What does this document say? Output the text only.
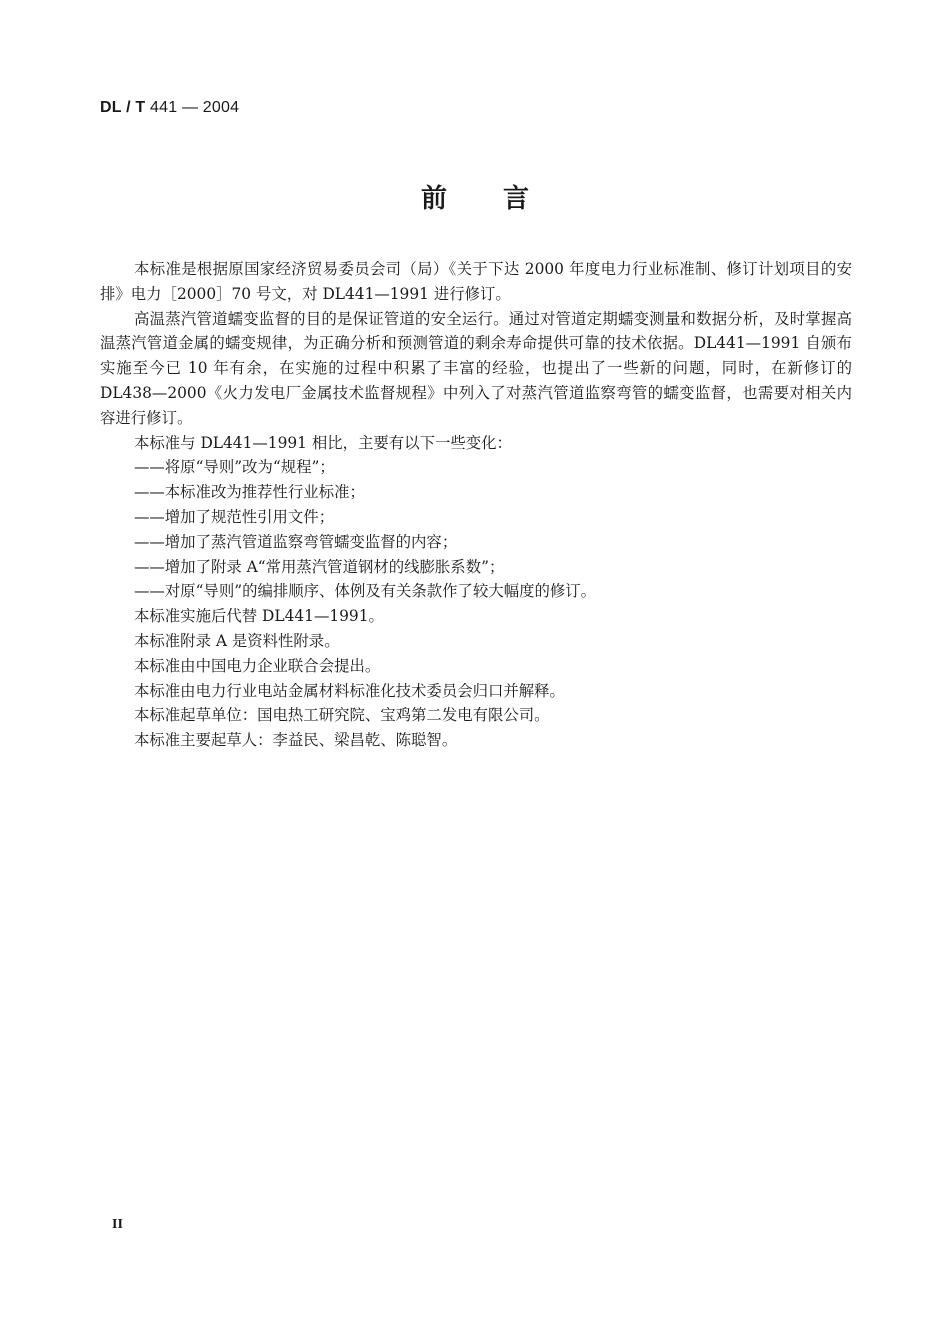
DL / T 441 — 2004
前言

本标准是根据原国家经济贸易委员会司（局）《关于下达 2000 年度电力行业标准制、修订计划项目的安排》电力［2000］70 号文，对 DL441—1991 进行修订。

高温蒸汽管道蠕变监督的目的是保证管道的安全运行。通过对管道定期蠕变测量和数据分析，及时掌握高温蒸汽管道金属的蠕变规律，为正确分析和预测管道的剩余寿命提供可靠的技术依据。DL441—1991 自颁布实施至今已 10 年有余，在实施的过程中积累了丰富的经验，也提出了一些新的问题，同时，在新修订的 DL438—2000《火力发电厂金属技术监督规程》中列入了对蒸汽管道监察弯管的蠕变监督，也需要对相关内容进行修订。

本标准与 DL441—1991 相比，主要有以下一些变化：

——将原“导则”改为“规程”；

——本标准改为推荐性行业标准；

——增加了规范性引用文件；

——增加了蒸汽管道监察弯管蠕变监督的内容；

——增加了附录 A“常用蒸汽管道钢材的线膨胀系数”；

——对原“导则”的编排顺序、体例及有关条款作了较大幅度的修订。

本标准实施后代替 DL441—1991。

本标准附录 A 是资料性附录。

本标准由中国电力企业联合会提出。

本标准由电力行业电站金属材料标准化技术委员会归口并解释。

本标准起草单位：国电热工研究院、宝鸡第二发电有限公司。

本标准主要起草人：李益民、梁昌乾、陈聪智。

II
